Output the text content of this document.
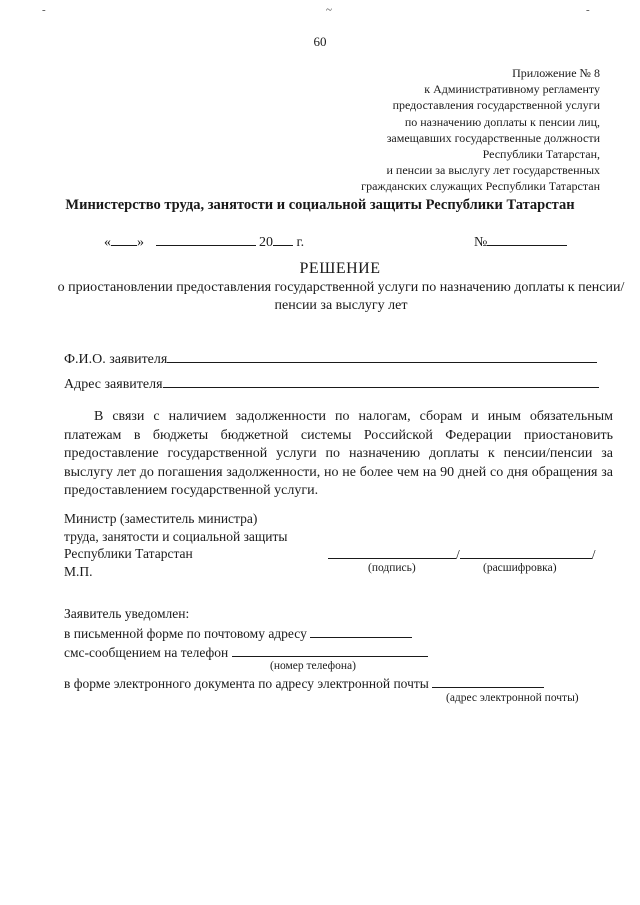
-	~	-
60
Приложение № 8
к Административному регламенту
предоставления государственной услуги
по назначению доплаты к пенсии лиц,
замещавших государственные должности
Республики Татарстан,
и пенсии за выслугу лет государственных
гражданских служащих Республики Татарстан
Министерство труда, занятости и социальной защиты Республики Татарстан
« »	20 г.	№
РЕШЕНИЕ
о приостановлении предоставления государственной услуги по назначению доплаты к пенсии/пенсии за выслугу лет
Ф.И.О. заявителя
Адрес заявителя
В связи с наличием задолженности по налогам, сборам и иным обязательным платежам в бюджеты бюджетной системы Российской Федерации приостановить предоставление государственной услуги по назначению доплаты к пенсии/пенсии за выслугу лет до погашения задолженности, но не более чем на 90 дней со дня обращения за предоставлением государственной услуги.
Министр (заместитель министра)
труда, занятости и социальной защиты
Республики Татарстан
М.П.
/	/
(подпись)	(расшифровка)
Заявитель уведомлен:
в письменной форме по почтовому адресу
смс-сообщением на телефон
(номер телефона)
в форме электронного документа по адресу электронной почты
(адрес электронной почты)
